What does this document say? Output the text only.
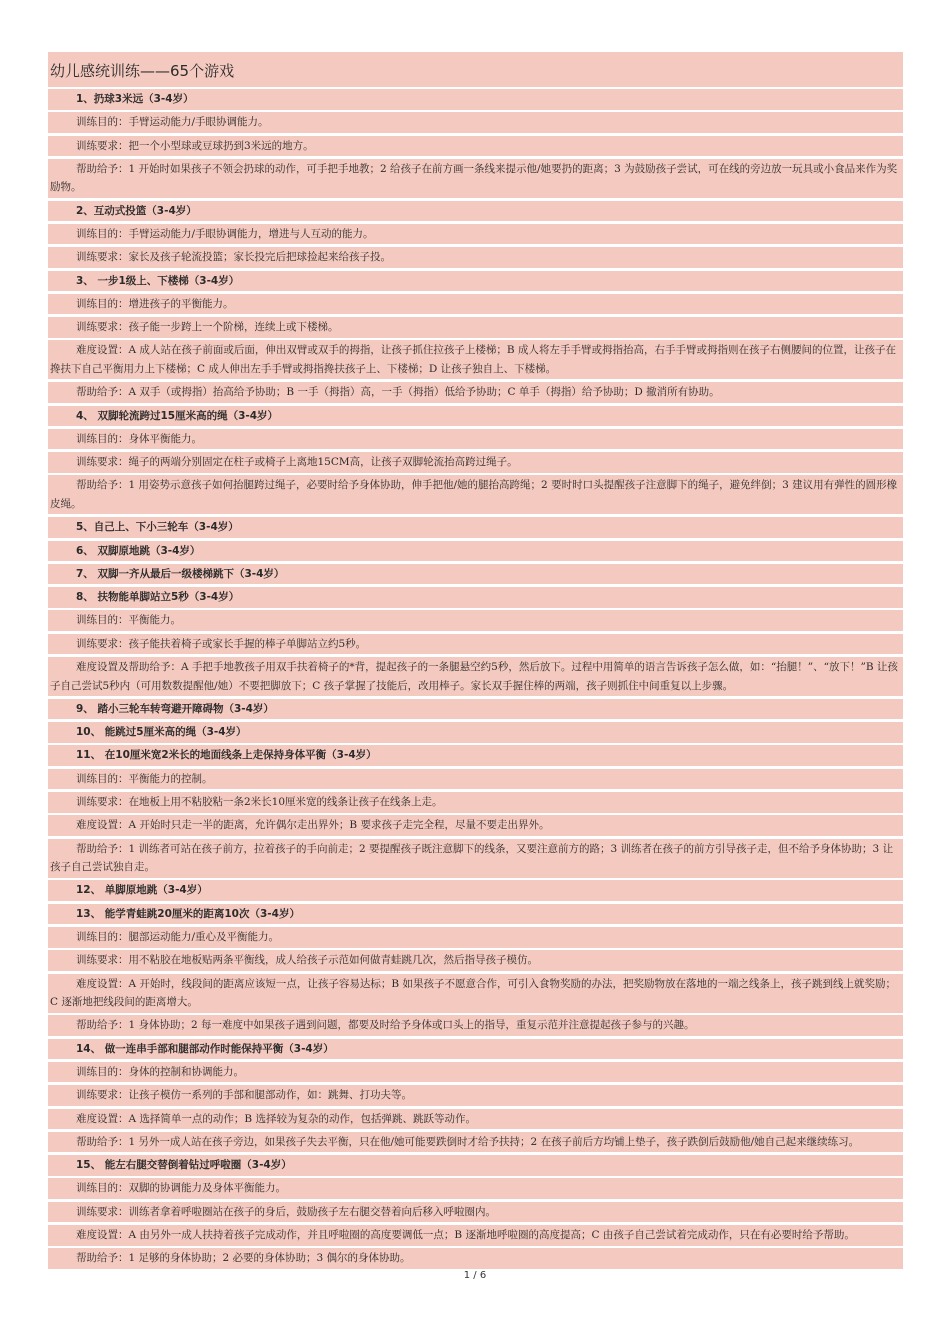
幼儿感统训练——65个游戏
1、扔球3米远（3-4岁）
训练目的：手臂运动能力/手眼协调能力。
训练要求：把一个小型球或豆球扔到3米远的地方。
帮助给予：1 开始时如果孩子不领会扔球的动作，可手把手地教；2 给孩子在前方画一条线来提示他/她要扔的距离；3 为鼓励孩子尝试，可在线的旁边放一玩具或小食品来作为奖励物。
2、互动式投篮（3-4岁）
训练目的：手臂运动能力/手眼协调能力，增进与人互动的能力。
训练要求：家长及孩子轮流投篮；家长投完后把球捡起来给孩子投。
3、 一步1级上、下楼梯（3-4岁）
训练目的：增进孩子的平衡能力。
训练要求：孩子能一步跨上一个阶梯，连续上或下楼梯。
难度设置：A 成人站在孩子前面或后面，伸出双臂或双手的拇指，让孩子抓住拉孩子上楼梯；B 成人将左手手臂或拇指抬高，右手手臂或拇指则在孩子右侧腰间的位置，让孩子在搀扶下自己平衡用力上下楼梯；C 成人伸出左手手臂或拇指搀扶孩子上、下楼梯；D 让孩子独自上、下楼梯。
帮助给予：A 双手（或拇指）抬高给予协助；B 一手（拇指）高，一手（拇指）低给予协助；C 单手（拇指）给予协助；D 撤消所有协助。
4、 双脚轮流跨过15厘米高的绳（3-4岁）
训练目的：身体平衡能力。
训练要求：绳子的两端分别固定在柱子或椅子上离地15CM高，让孩子双脚轮流抬高跨过绳子。
帮助给予：1 用姿势示意孩子如何抬腿跨过绳子，必要时给予身体协助，伸手把他/她的腿抬高跨绳；2 要时时口头提醒孩子注意脚下的绳子，避免绊倒；3 建议用有弹性的圆形橡皮绳。
5、自己上、下小三轮车（3-4岁）
6、 双脚原地跳（3-4岁）
7、 双脚一齐从最后一级楼梯跳下（3-4岁）
8、 扶物能单脚站立5秒（3-4岁）
训练目的：平衡能力。
训练要求：孩子能扶着椅子或家长手握的棒子单脚站立约5秒。
难度设置及帮助给予：A 手把手地教孩子用双手扶着椅子的*背，提起孩子的一条腿悬空约5秒，然后放下。过程中用简单的语言告诉孩子怎么做，如：“抬腿！”、“放下！”B 让孩子自己尝试5秒内（可用数数提醒他/她）不要把脚放下；C 孩子掌握了技能后，改用棒子。家长双手握住棒的两端，孩子则抓住中间重复以上步骤。
9、 踏小三轮车转弯避开障碍物（3-4岁）
10、 能跳过5厘米高的绳（3-4岁）
11、 在10厘米宽2米长的地面线条上走保持身体平衡（3-4岁）
训练目的：平衡能力的控制。
训练要求：在地板上用不粘胶粘一条2米长10厘米宽的线条让孩子在线条上走。
难度设置：A 开始时只走一半的距离，允许偶尔走出界外；B 要求孩子走完全程，尽量不要走出界外。
帮助给予：1 训练者可站在孩子前方，拉着孩子的手向前走；2 要提醒孩子既注意脚下的线条，又要注意前方的路；3 训练者在孩子的前方引导孩子走，但不给予身体协助；3 让孩子自己尝试独自走。
12、 单脚原地跳（3-4岁）
13、 能学青蛙跳20厘米的距离10次（3-4岁）
训练目的：腿部运动能力/重心及平衡能力。
训练要求：用不粘胶在地板贴两条平衡线，成人给孩子示范如何做青蛙跳几次，然后指导孩子模仿。
难度设置：A 开始时，线段间的距离应该短一点，让孩子容易达标；B 如果孩子不愿意合作，可引入食物奖励的办法，把奖励物放在落地的一端之线条上，孩子跳到线上就奖励；C 逐渐地把线段间的距离增大。
帮助给予：1 身体协助；2 每一难度中如果孩子遇到问题，都要及时给予身体或口头上的指导，重复示范并注意提起孩子参与的兴趣。
14、 做一连串手部和腿部动作时能保持平衡（3-4岁）
训练目的：身体的控制和协调能力。
训练要求：让孩子模仿一系列的手部和腿部动作，如：跳舞、打功夫等。
难度设置：A 选择简单一点的动作；B 选择较为复杂的动作，包括弹跳、跳跃等动作。
帮助给予：1 另外一成人站在孩子旁边，如果孩子失去平衡，只在他/她可能要跌倒时才给予扶持；2 在孩子前后方均铺上垫子，孩子跌倒后鼓励他/她自己起来继续练习。
15、 能左右腿交替倒着钻过呼啦圈（3-4岁）
训练目的：双脚的协调能力及身体平衡能力。
训练要求：训练者拿着呼啦圈站在孩子的身后，鼓励孩子左右腿交替着向后移入呼啦圈内。
难度设置：A 由另外一成人扶持着孩子完成动作，并且呼啦圈的高度要调低一点；B 逐渐地呼啦圈的高度提高；C 由孩子自己尝试着完成动作，只在有必要时给予帮助。
帮助给予：1 足够的身体协助；2 必要的身体协助；3 偶尔的身体协助。
1 / 6
